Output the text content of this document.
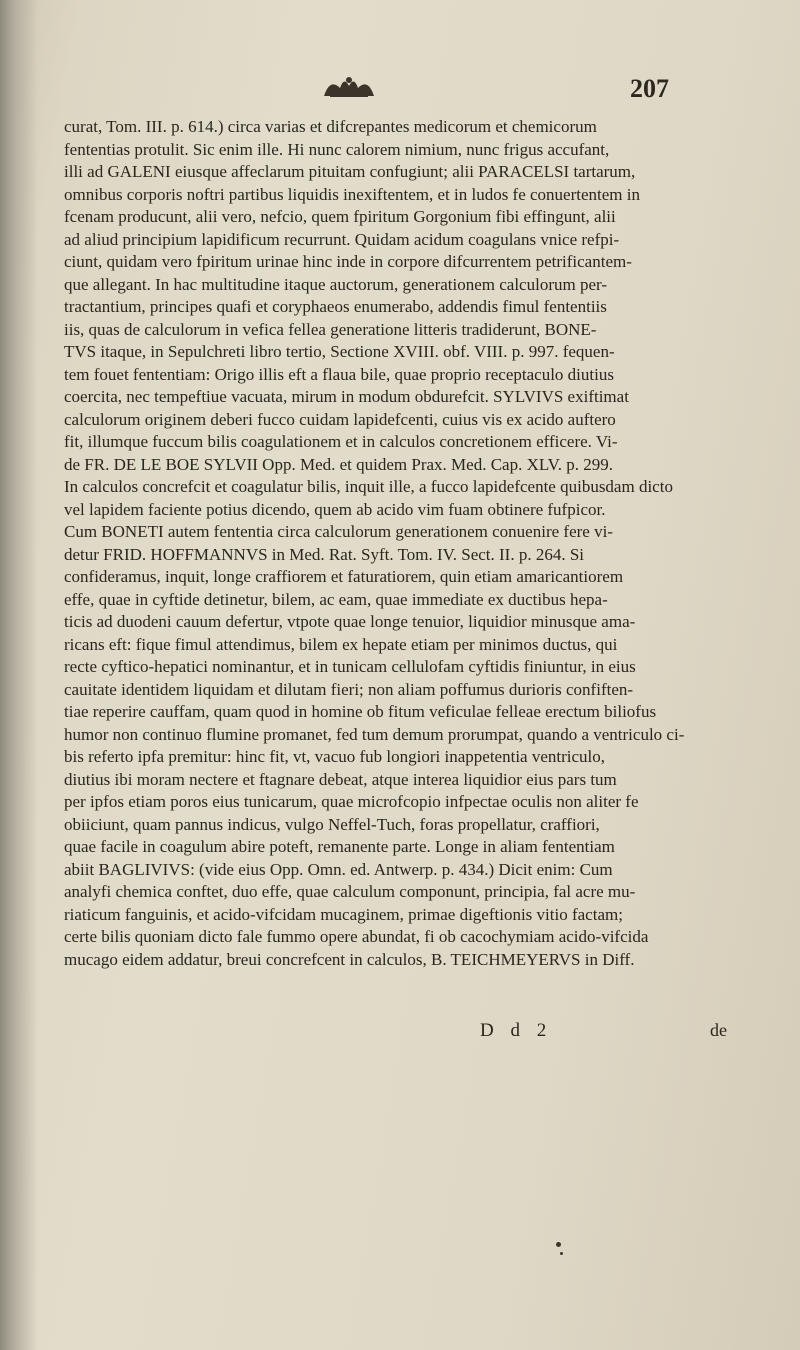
207
curat, Tom. III. p. 614.) circa varias et difcrepantes medicorum et chemicorum
fententias protulit. Sic enim ille. Hi nunc calorem nimium, nunc frigus accufant,
illi ad GALENI eiusque affeclarum pituitam confugiunt; alii PARACELSI tartarum,
omnibus corporis noftri partibus liquidis inexiftentem, et in ludos fe conuertentem in
fcenam producunt, alii vero, nefcio, quem fpiritum Gorgonium fibi effingunt, alii
ad aliud principium lapidificum recurrunt. Quidam acidum coagulans vnice refpi-
ciunt, quidam vero fpiritum urinae hinc inde in corpore difcurrentem petrificantem-
que allegant. In hac multitudine itaque auctorum, generationem calculorum per-
tractantium, principes quafi et coryphaeos enumerabo, addendis fimul fententiis
iis, quas de calculorum in vefica fellea generatione litteris tradiderunt, BONE-
TVS itaque, in Sepulchreti libro tertio, Sectione XVIII. obf. VIII. p. 997. fequen-
tem fouet fententiam: Origo illis eft a flaua bile, quae proprio receptaculo diutius
coercita, nec tempeftiue vacuata, mirum in modum obdurefcit. SYLVIVS exiftimat
calculorum originem deberi fucco cuidam lapidefcenti, cuius vis ex acido auftero
fit, illumque fuccum bilis coagulationem et in calculos concretionem efficere. Vi-
de FR. DE LE BOE SYLVII Opp. Med. et quidem Prax. Med. Cap. XLV. p. 299.
In calculos concrefcit et coagulatur bilis, inquit ille, a fucco lapidefcente quibusdam dicto
vel lapidem faciente potius dicendo, quem ab acido vim fuam obtinere fufpicor.
Cum BONETI autem fententia circa calculorum generationem conuenire fere vi-
detur FRID. HOFFMANNVS in Med. Rat. Syft. Tom. IV. Sect. II. p. 264. Si
confideramus, inquit, longe craffiorem et faturatiorem, quin etiam amaricantiorem
effe, quae in cyftide detinetur, bilem, ac eam, quae immediate ex ductibus hepa-
ticis ad duodeni cauum defertur, vtpote quae longe tenuior, liquidior minusque ama-
ricans eft: fique fimul attendimus, bilem ex hepate etiam per minimos ductus, qui
recte cyftico-hepatici nominantur, et in tunicam cellulofam cyftidis finiuntur, in eius
cauitate identidem liquidam et dilutam fieri; non aliam poffumus durioris confiften-
tiae reperire cauffam, quam quod in homine ob fitum veficulae felleae erectum biliofus
humor non continuo flumine promanet, fed tum demum prorumpat, quando a ventriculo ci-
bis referto ipfa premitur: hinc fit, vt, vacuo fub longiori inappetentia ventriculo,
diutius ibi moram nectere et ftagnare debeat, atque interea liquidior eius pars tum
per ipfos etiam poros eius tunicarum, quae microfcopio infpectae oculis non aliter fe
obiiciunt, quam pannus indicus, vulgo Neffel-Tuch, foras propellatur, craffiori,
quae facile in coagulum abire poteft, remanente parte. Longe in aliam fententiam
abiit BAGLIVIVS: (vide eius Opp. Omn. ed. Antwerp. p. 434.) Dicit enim: Cum
analyfi chemica conftet, duo effe, quae calculum componunt, principia, fal acre mu-
riaticum fanguinis, et acido-vifcidam mucaginem, primae digeftionis vitio factam;
certe bilis quoniam dicto fale fummo opere abundat, fi ob cacochymiam acido-vifcida
mucago eidem addatur, breui concrefcent in calculos, B. TEICHMEYERVS in Diff.
D d 2	de
